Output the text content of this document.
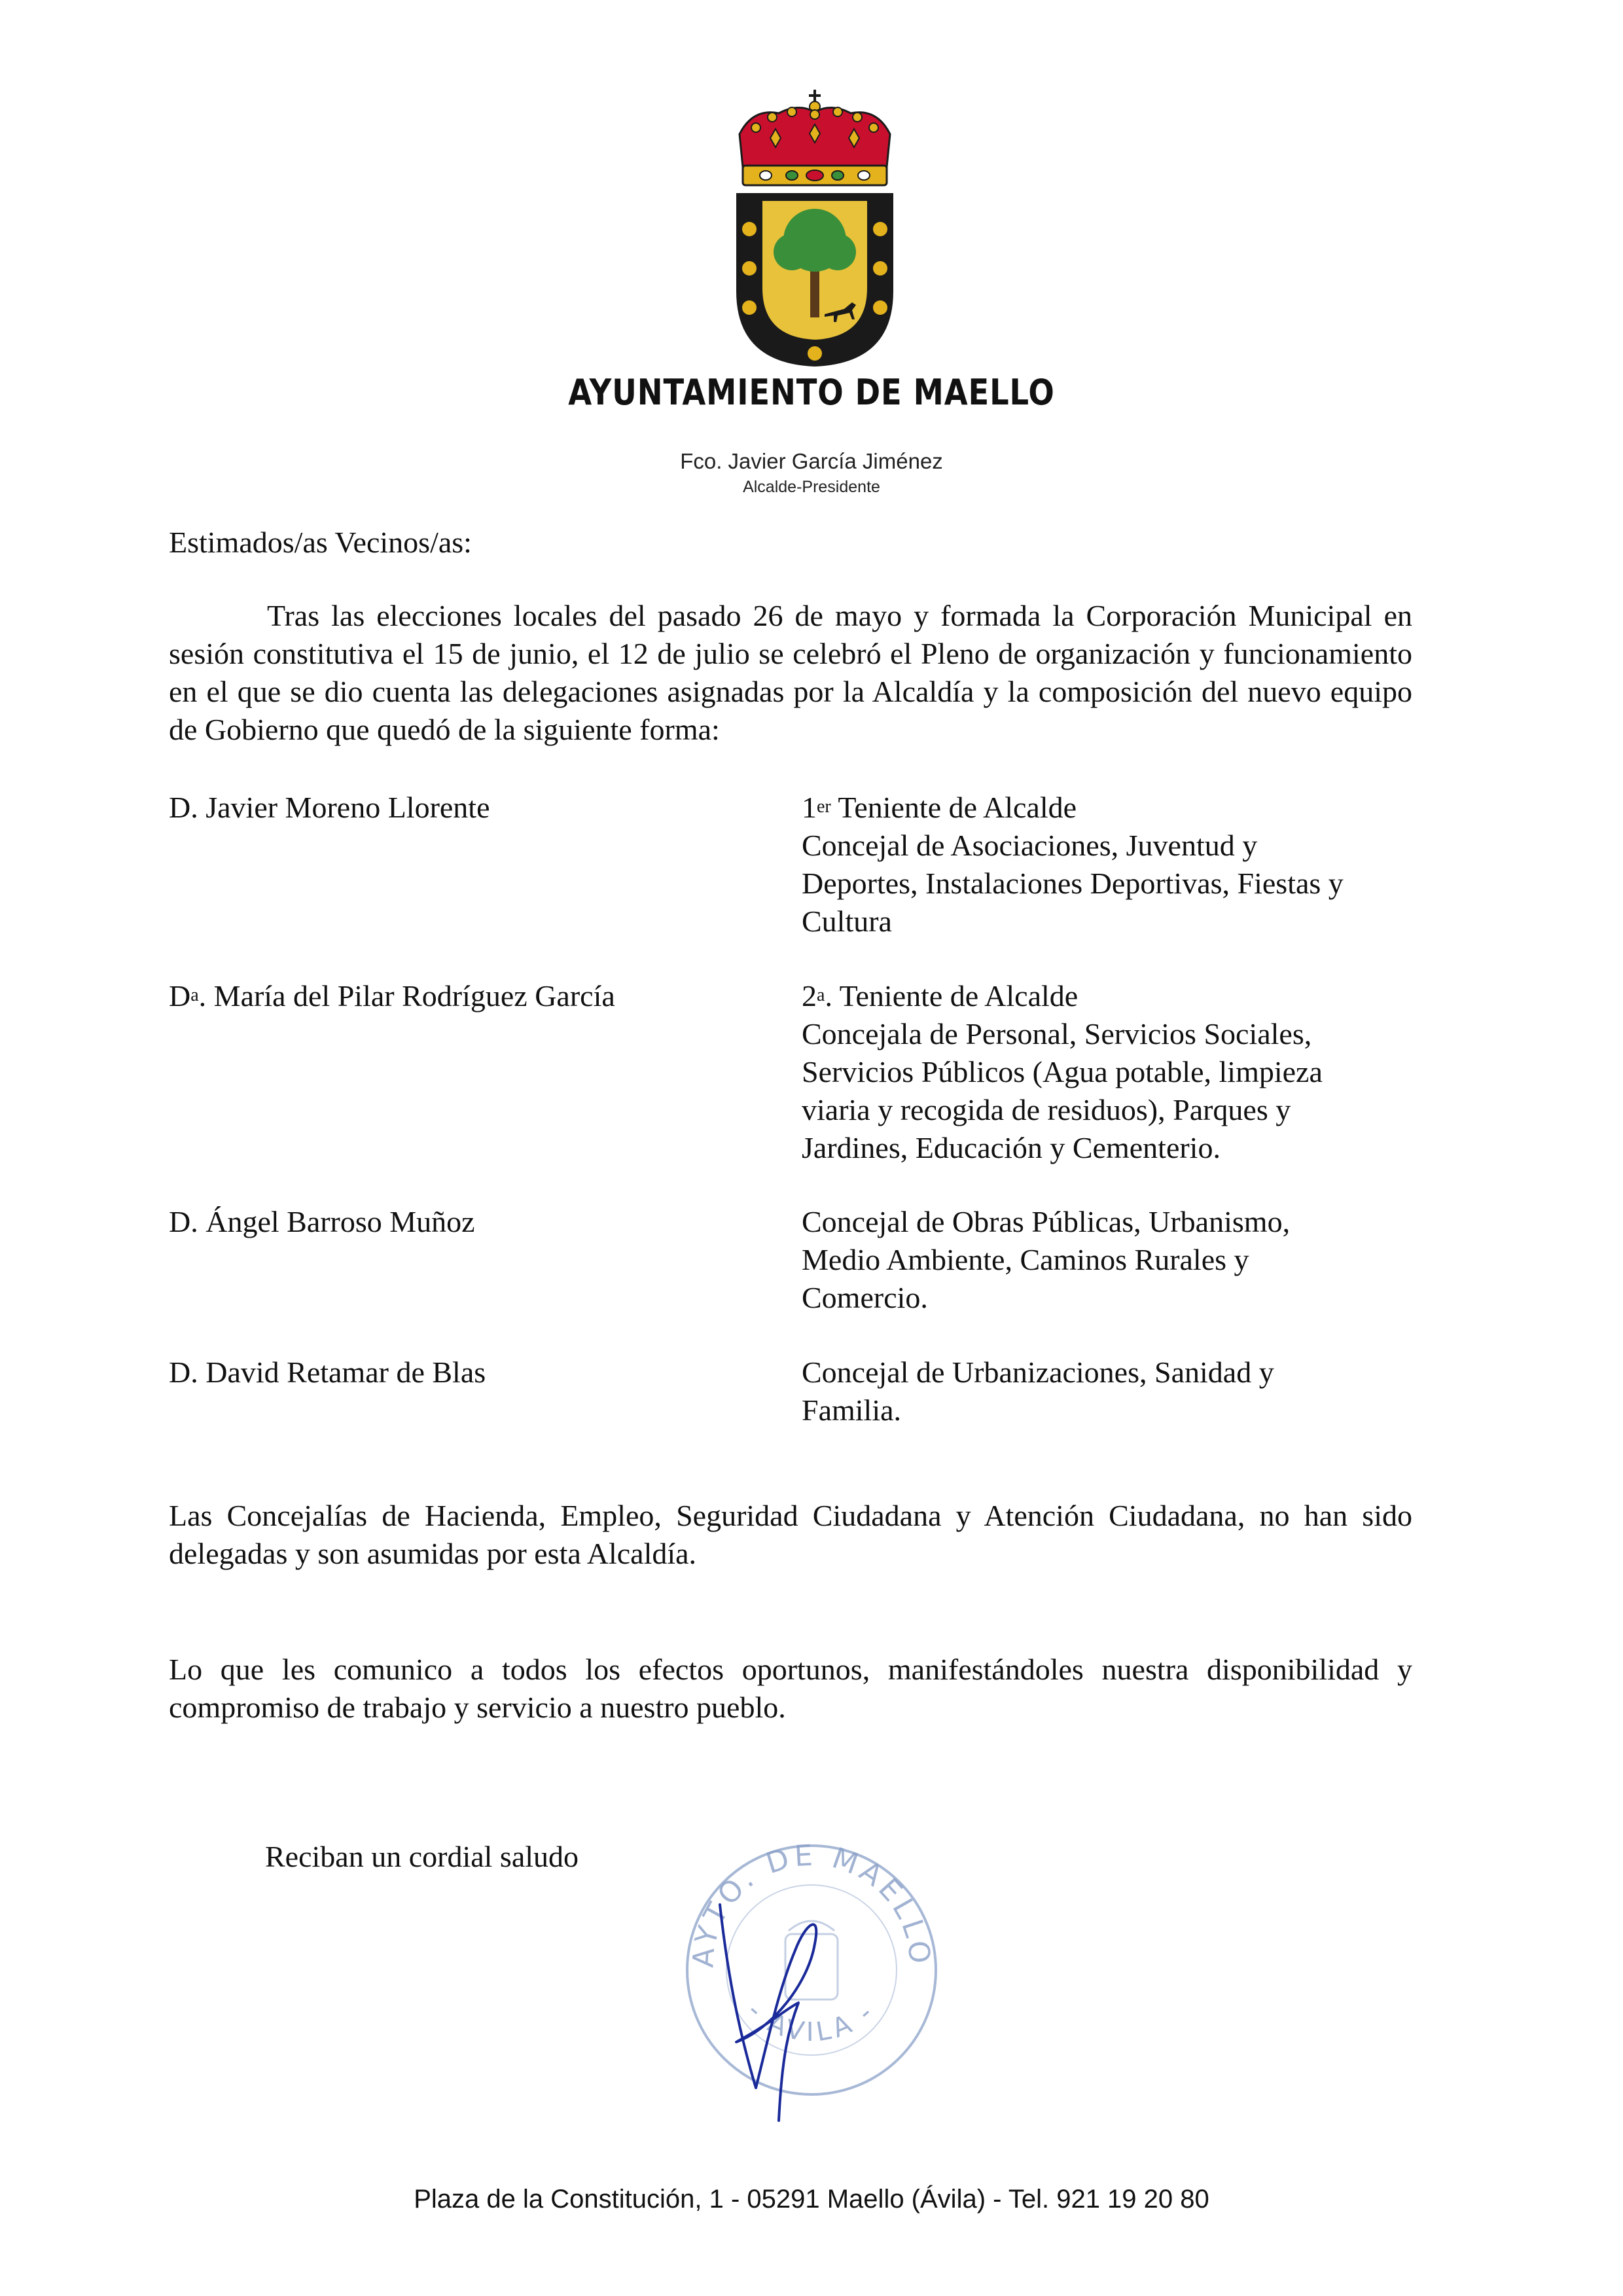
AYUNTAMIENTO DE MAELLO
Fco. Javier García Jiménez
Alcalde-Presidente
Estimados/as Vecinos/as:
Tras las elecciones locales del pasado 26 de mayo y formada la Corporación Municipal en sesión constitutiva el 15 de junio, el 12 de julio se celebró el Pleno de organización y funcionamiento en el que se dio cuenta las delegaciones asignadas por la Alcaldía y la composición del nuevo equipo de Gobierno que quedó de la siguiente forma:
D. Javier Moreno Llorente	1er Teniente de Alcalde
Concejal de Asociaciones, Juventud y
Deportes, Instalaciones Deportivas, Fiestas y
Cultura
$D^a$. María del Pilar Rodríguez García	2$^a$. Teniente de Alcalde
Concejala de Personal, Servicios Sociales,
Servicios Públicos (Agua potable, limpieza
viaria y recogida de residuos), Parques y
Jardines, Educación y Cementerio.
D. Ángel Barroso Muñoz	Concejal de Obras Públicas, Urbanismo,
Medio Ambiente, Caminos Rurales y
Comercio.
D. David Retamar de Blas	Concejal de Urbanizaciones, Sanidad y
Familia.
Las Concejalías de Hacienda, Empleo, Seguridad Ciudadana y Atención Ciudadana, no han sido delegadas y son asumidas por esta Alcaldía.
Lo que les comunico a todos los efectos oportunos, manifestándoles nuestra disponibilidad y compromiso de trabajo y servicio a nuestro pueblo.
Reciban un cordial saludo
AYTO. DE MAELLO
- ÁVILA -
Plaza de la Constitución, 1 - 05291 Maello (Ávila) - Tel. 921 19 20 80
